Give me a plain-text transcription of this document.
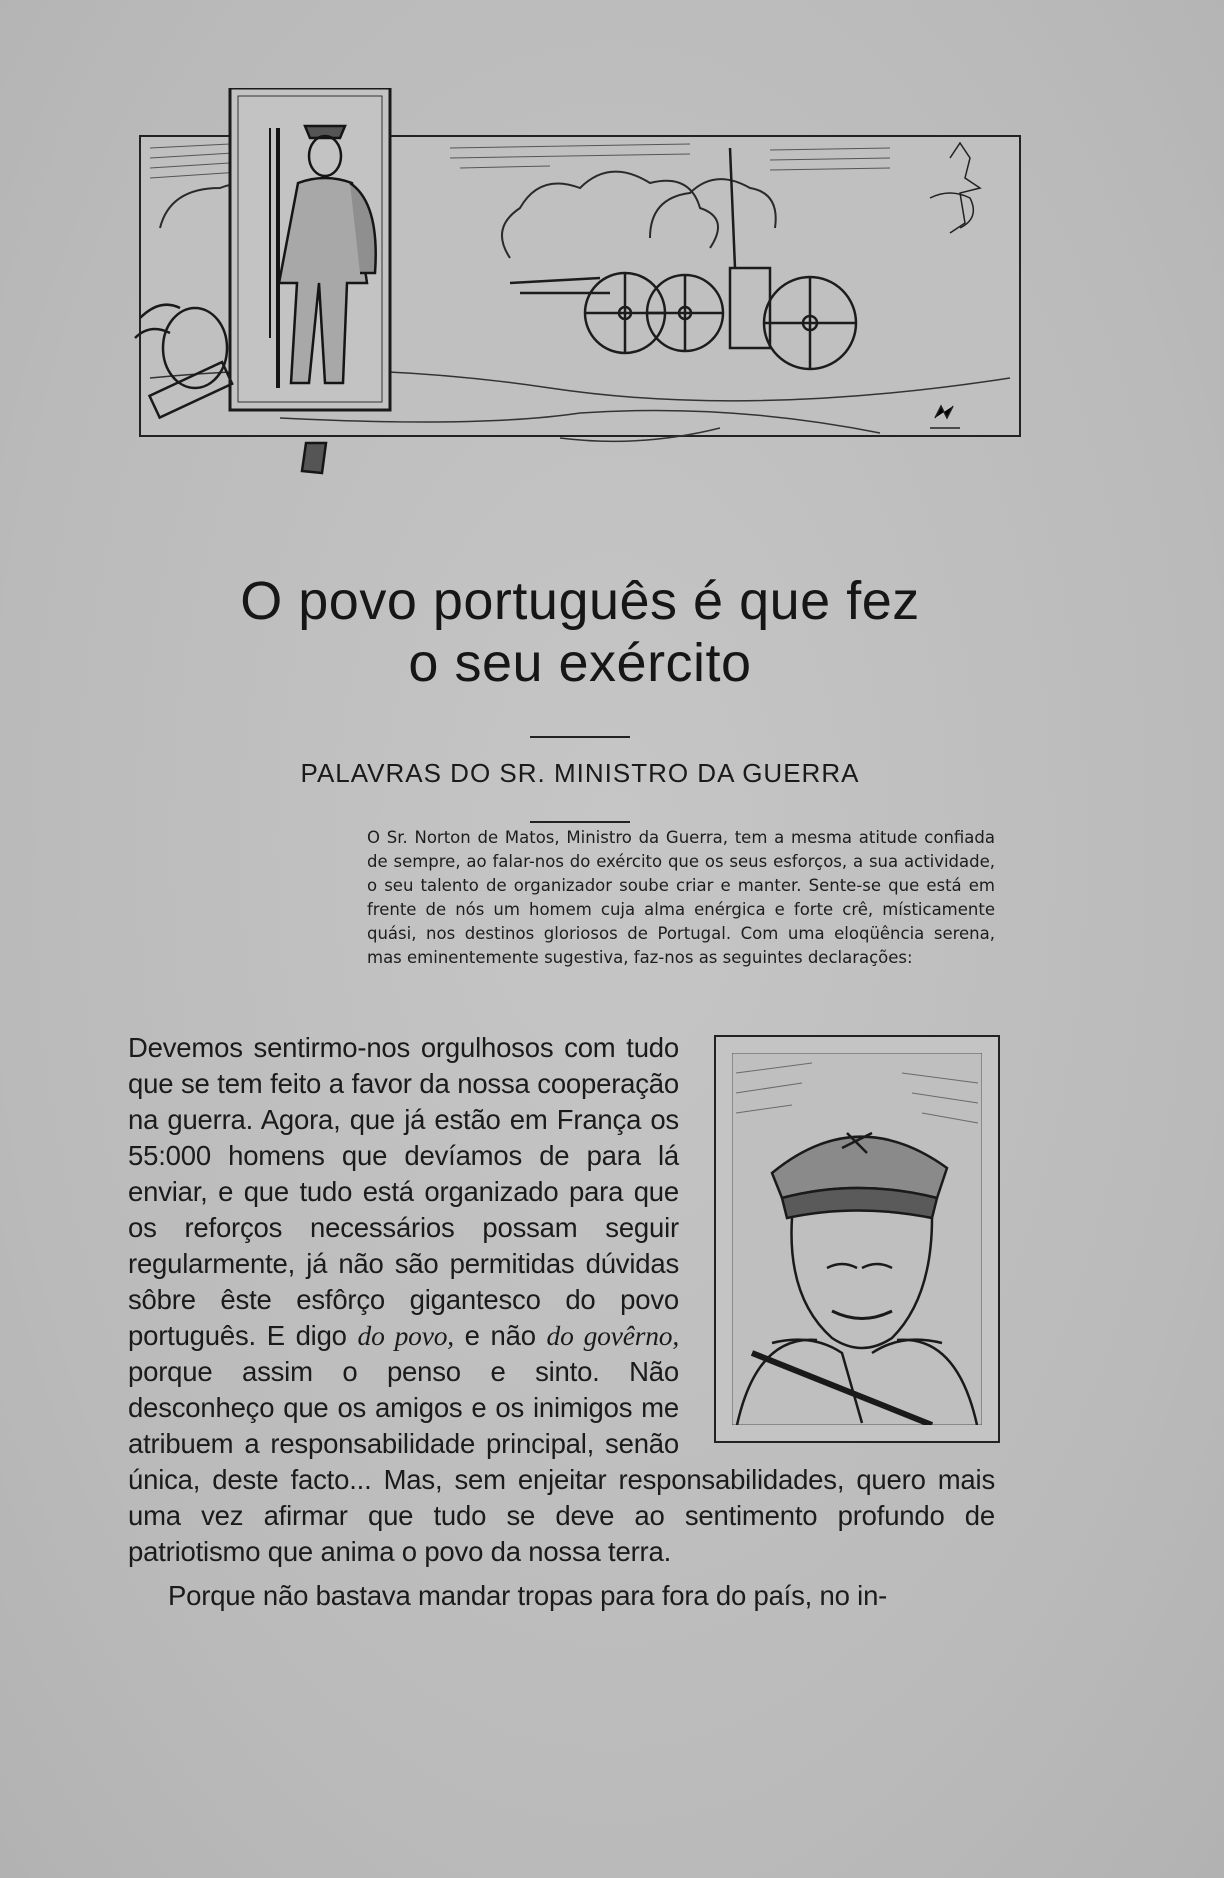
O povo português é que fez
o seu exército
PALAVRAS DO SR. MINISTRO DA GUERRA
O Sr. Norton de Matos, Ministro da Guerra, tem a mesma atitude confiada de sempre, ao falar-nos do exército que os seus esforços, a sua actividade, o seu talento de organizador soube criar e manter. Sente-se que está em frente de nós um homem cuja alma enérgica e forte crê, místicamente quási, nos destinos gloriosos de Portugal. Com uma eloqüência serena, mas eminentemente sugestiva, faz-nos as seguintes declarações:

Devemos sentirmo-nos orgulhosos com tudo que se tem feito a favor da nossa cooperação na guerra. Agora, que já estão em França os 55:000 homens que devíamos de para lá enviar, e que tudo está organizado para que os reforços necessários possam seguir regularmente, já não são permitidas dúvidas sôbre êste esfôrço gigantesco do povo português. E digo do povo, e não do govêrno, porque assim o penso e sinto. Não desconheço que os amigos e os inimigos me atribuem a responsabilidade principal, senão única, deste facto... Mas, sem enjeitar responsabilidades, quero mais uma vez afirmar que tudo se deve ao sentimento profundo de patriotismo que anima o povo da nossa terra.

Porque não bastava mandar tropas para fora do país, no in-
